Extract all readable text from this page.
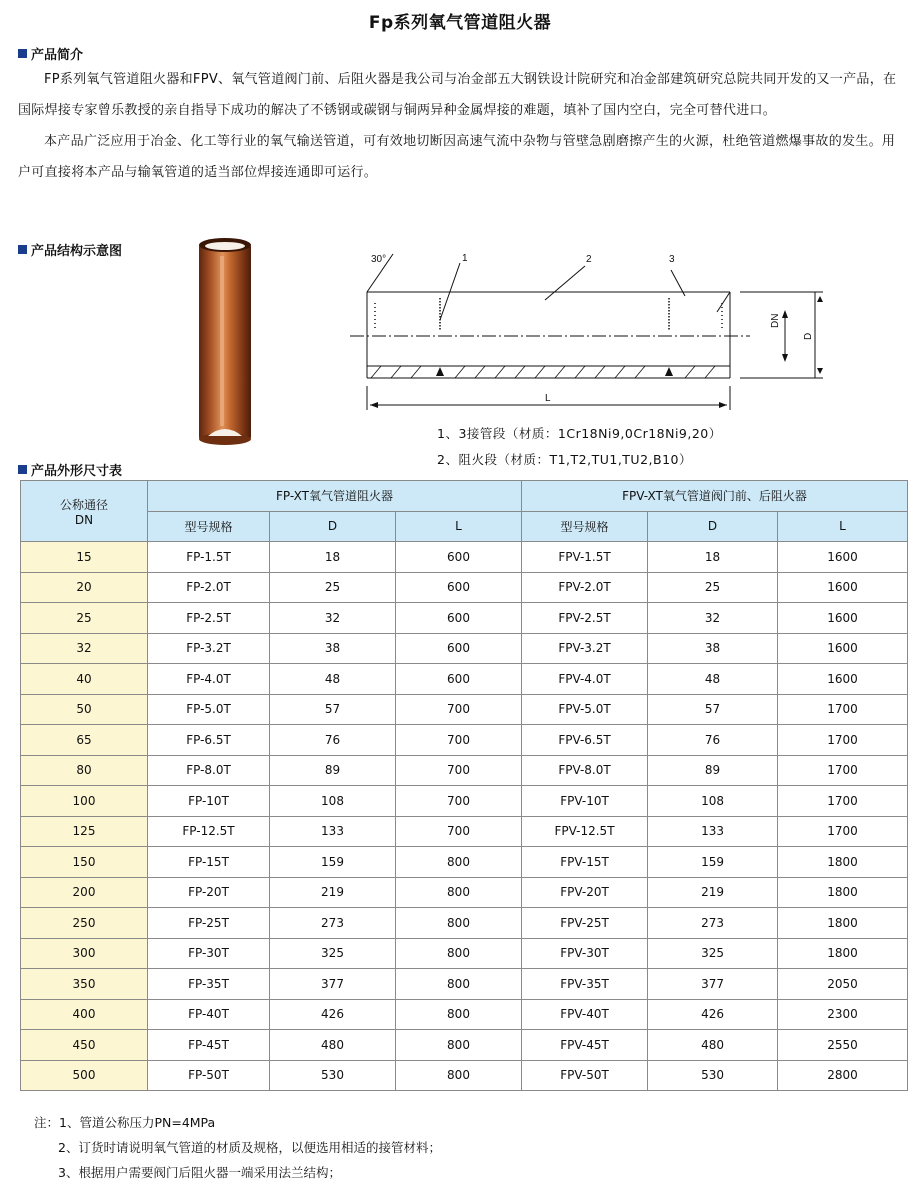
Fp系列氧气管道阻火器
产品简介

FP系列氧气管道阻火器和FPV、氧气管道阀门前、后阻火器是我公司与冶金部五大钢铁设计院研究和冶金部建筑研究总院共同开发的又一产品，在国际焊接专家曾乐教授的亲自指导下成功的解决了不锈钢或碳钢与铜两异种金属焊接的难题，填补了国内空白，完全可替代进口。

本产品广泛应用于冶金、化工等行业的氧气输送管道，可有效地切断因高速气流中杂物与管壁急剧磨擦产生的火源，杜绝管道燃爆事故的发生。用户可直接将本产品与输氧管道的适当部位焊接连通即可运行。

产品结构示意图
30°	1	2	3
DN
D
L
1、3接管段（材质：1Cr18Ni9,0Cr18Ni9,20）
2、阻火段（材质：T1,T2,TU1,TU2,B10）
产品外形尺寸表
公称通径
DN	FP-XT氧气管道阻火器			FPV-XT氧气管道阀门前、后阻火器		
	型号规格	D	L	型号规格	D	L
15	FP-1.5T	18	600	FPV-1.5T	18	1600
20	FP-2.0T	25	600	FPV-2.0T	25	1600
25	FP-2.5T	32	600	FPV-2.5T	32	1600
32	FP-3.2T	38	600	FPV-3.2T	38	1600
40	FP-4.0T	48	600	FPV-4.0T	48	1600
50	FP-5.0T	57	700	FPV-5.0T	57	1700
65	FP-6.5T	76	700	FPV-6.5T	76	1700
80	FP-8.0T	89	700	FPV-8.0T	89	1700
100	FP-10T	108	700	FPV-10T	108	1700
125	FP-12.5T	133	700	FPV-12.5T	133	1700
150	FP-15T	159	800	FPV-15T	159	1800
200	FP-20T	219	800	FPV-20T	219	1800
250	FP-25T	273	800	FPV-25T	273	1800
300	FP-30T	325	800	FPV-30T	325	1800
350	FP-35T	377	800	FPV-35T	377	2050
400	FP-40T	426	800	FPV-40T	426	2300
450	FP-45T	480	800	FPV-45T	480	2550
500	FP-50T	530	800	FPV-50T	530	2800
注：1、管道公称压力PN=4MPa
2、订货时请说明氧气管道的材质及规格，以便选用相适的接管材料；
3、根据用户需要阀门后阻火器一端采用法兰结构；
